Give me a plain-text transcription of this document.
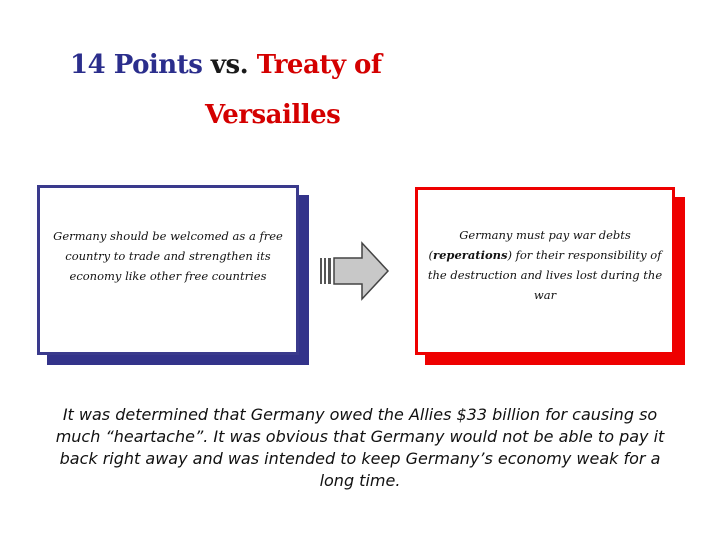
14 Points vs. Treaty of
Versailles
Germany should be welcomed as a free country to trade and strengthen its economy like other free countries
Germany must pay war debts (reperations) for their responsibility of the destruction and lives lost during the war
It was determined that Germany owed the Allies $33 billion for causing so much “heartache”. It was obvious that Germany would not be able to pay it back right away and was intended to keep Germany’s economy weak for a long time.
